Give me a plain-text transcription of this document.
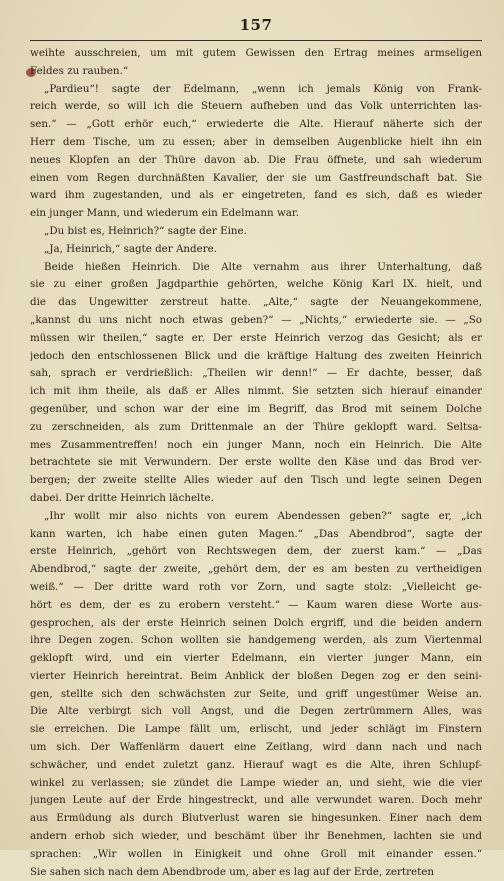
157
weihte ausschreien, um mit gutem Gewissen den Ertrag meines armseligen
Feldes zu rauben.“
„Pardieu“! sagte der Edelmann, „wenn ich jemals König von Frank-
reich werde, so will ich die Steuern aufheben und das Volk unterrichten las-
sen.“ — „Gott erhör euch,“ erwiederte die Alte. Hierauf näherte sich der
Herr dem Tische, um zu essen; aber in demselben Augenblicke hielt ihn ein
neues Klopfen an der Thüre davon ab. Die Frau öffnete, und sah wiederum
einen vom Regen durchnäßten Kavalier, der sie um Gastfreundschaft bat. Sie
ward ihm zugestanden, und als er eingetreten, fand es sich, daß es wieder
ein junger Mann, und wiederum ein Edelmann war.
„Du bist es, Heinrich?“ sagte der Eine.
„Ja, Heinrich,“ sagte der Andere.
Beide hießen Heinrich. Die Alte vernahm aus ihrer Unterhaltung, daß
sie zu einer großen Jagdparthie gehörten, welche König Karl IX. hielt, und
die das Ungewitter zerstreut hatte. „Alte,“ sagte der Neuangekommene,
„kannst du uns nicht noch etwas geben?“ — „Nichts,“ erwiederte sie. — „So
müssen wir theilen,“ sagte er. Der erste Heinrich verzog das Gesicht; als er
jedoch den entschlossenen Blick und die kräftige Haltung des zweiten Heinrich
sah, sprach er verdrießlich: „Theilen wir denn!“ — Er dachte, besser, daß
ich mit ihm theile, als daß er Alles nimmt. Sie setzten sich hierauf einander
gegenüber, und schon war der eine im Begriff, das Brod mit seinem Dolche
zu zerschneiden, als zum Drittenmale an der Thüre geklopft ward. Seltsa-
mes Zusammentreffen! noch ein junger Mann, noch ein Heinrich. Die Alte
betrachtete sie mit Verwundern. Der erste wollte den Käse und das Brod ver-
bergen; der zweite stellte Alles wieder auf den Tisch und legte seinen Degen
dabei. Der dritte Heinrich lächelte.
„Ihr wollt mir also nichts von eurem Abendessen geben?“ sagte er, „ich
kann warten, ich habe einen guten Magen.“ „Das Abendbrod“, sagte der
erste Heinrich, „gehört von Rechtswegen dem, der zuerst kam.“ — „Das
Abendbrod,“ sagte der zweite, „gehört dem, der es am besten zu vertheidigen
weiß.“ — Der dritte ward roth vor Zorn, und sagte stolz: „Vielleicht ge-
hört es dem, der es zu erobern versteht.“ — Kaum waren diese Worte aus-
gesprochen, als der erste Heinrich seinen Dolch ergriff, und die beiden andern
ihre Degen zogen. Schon wollten sie handgemeng werden, als zum Viertenmal
geklopft wird, und ein vierter Edelmann, ein vierter junger Mann, ein
vierter Heinrich hereintrat. Beim Anblick der bloßen Degen zog er den seini-
gen, stellte sich den schwächsten zur Seite, und griff ungestümer Weise an.
Die Alte verbirgt sich voll Angst, und die Degen zertrümmern Alles, was
sie erreichen. Die Lampe fällt um, erlischt, und jeder schlägt im Finstern
um sich. Der Waffenlärm dauert eine Zeitlang, wird dann nach und nach
schwächer, und endet zuletzt ganz. Hierauf wagt es die Alte, ihren Schlupf-
winkel zu verlassen; sie zündet die Lampe wieder an, und sieht, wie die vier
jungen Leute auf der Erde hingestreckt, und alle verwundet waren. Doch mehr
aus Ermüdung als durch Blutverlust waren sie hingesunken. Einer nach dem
andern erhob sich wieder, und beschämt über ihr Benehmen, lachten sie und
sprachen: „Wir wollen in Einigkeit und ohne Groll mit einander essen.“
Sie sahen sich nach dem Abendbrode um, aber es lag auf der Erde, zertreten
